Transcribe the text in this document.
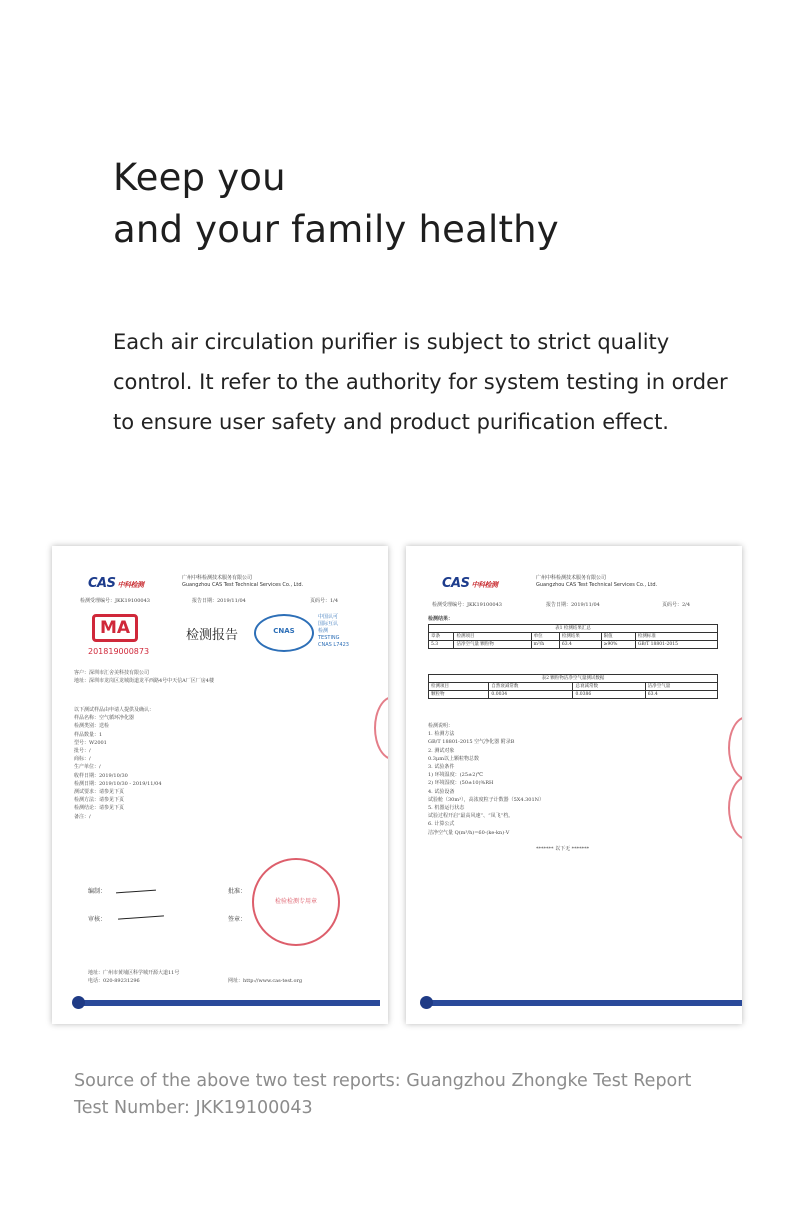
Keep you
and your family healthy

Each air circulation purifier is subject to strict quality
control. It refer to the authority for system testing in order
to ensure user safety and product purification effect.

CAS 中科检测
广州中科检测技术服务有限公司
Guangzhou CAS Test Technical Services Co., Ltd.
检测受理编号：JKK19100043	报告日期：2019/11/04	页码号：1/4
MA
201819000873
检测报告	CNAS
中国认可
国际互认
检测
TESTING
CNAS L7423
客户：深圳市汇舍美科技有限公司
地址：深圳市龙岗区龙城街道龙平西路4号中天信A厂区厂房4楼
以下测试样品由申请人提供及确认：
样品名称：空气循环净化器
检测类别：送检
样品数量：1
型号：W2001
批号：/
商标：/
生产单位：/
收样日期：2019/10/30
检测日期：2019/10/30 - 2019/11/04
测试要求：请参见下页
检测方法：请参见下页
检测结论：请参见下页
备注：/
编制：
审核：
批准：
签章：
检验检测专用章
地址：广州市黄埔区科学城开源大道11号
电话：020-89231296	网址：http://www.cas-test.org
CAS 中科检测
广州中科检测技术服务有限公司
Guangzhou CAS Test Technical Services Co., Ltd.
检测受理编号：JKK19100043	报告日期：2019/11/04	页码号：2/4
检测结果：
表1 检测结果汇总					
章条	检测项目	单位	检测结果	限值	检测标准
5.3	洁净空气量 颗粒物	m³/h	63.4	≥90%	GB/T 18801-2015
表2 颗粒物洁净空气量测试数据			
检测项目	自然衰减常数	总衰减常数	洁净空气量
颗粒物	0.0034	0.0386	63.4
检测说明：
1. 检测方法
GB/T 18801-2015 空气净化器 附录B
2. 测试对象
0.3μm以上颗粒物总数
3. 试验条件
1) 环境温度：(25±2)℃
2) 环境湿度：(50±10)%RH
4. 试验设备
试验舱（30m³），高浓度粒子计数器（5X4.301N）
5. 机器运行状态
试验过程开启“最高风速”、“凤飞”档。
6. 计算公式
洁净空气量 Q(m³/h)=60·(ke-kn)·V
******* 以下无 *******

Source of the above two test reports: Guangzhou Zhongke Test Report
Test Number: JKK19100043
